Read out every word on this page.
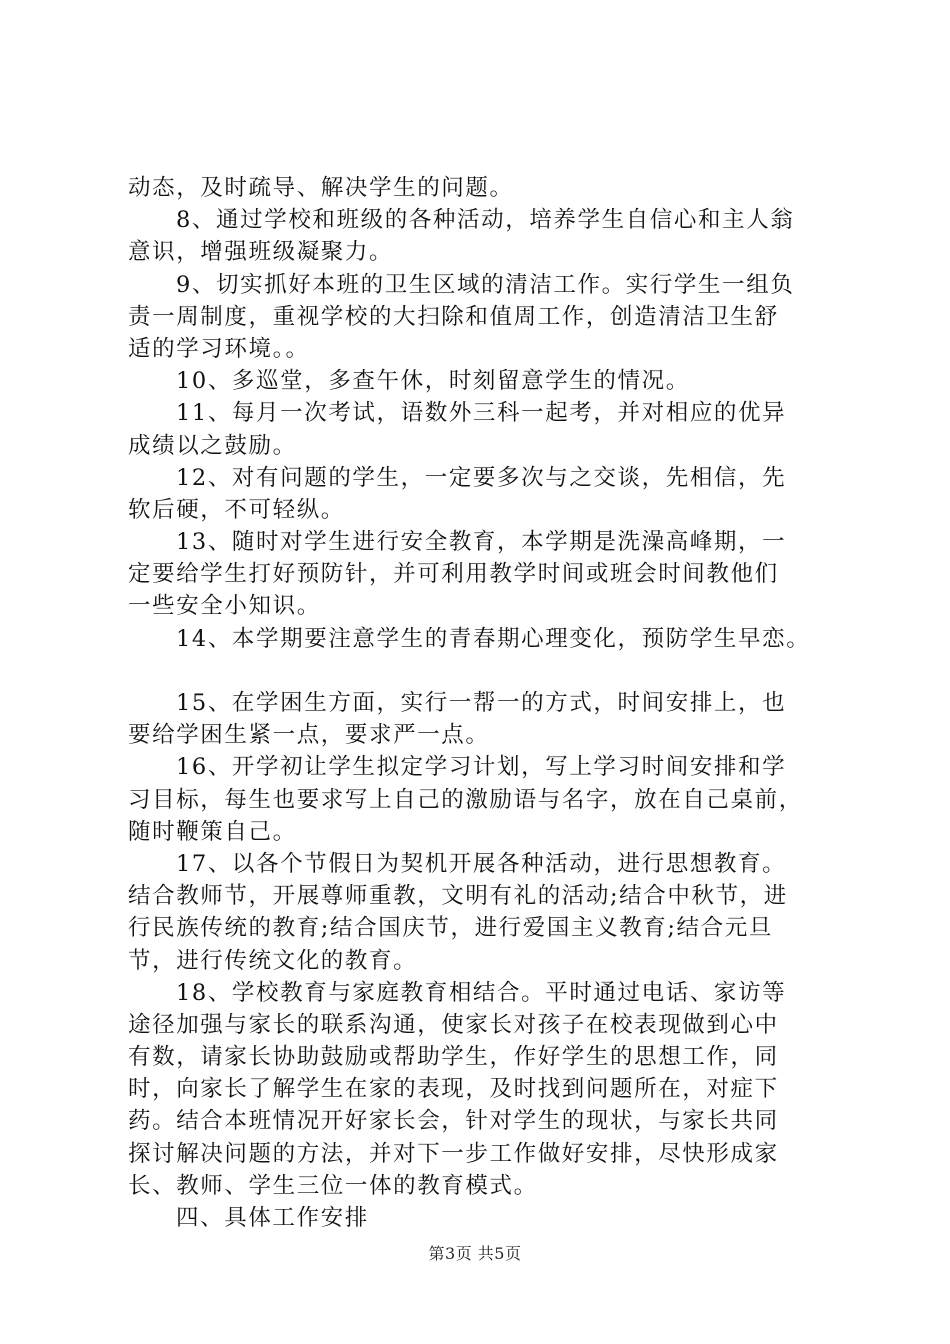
动态，及时疏导、解决学生的问题。
8、通过学校和班级的各种活动，培养学生自信心和主人翁
意识，增强班级凝聚力。
9、切实抓好本班的卫生区域的清洁工作。实行学生一组负
责一周制度，重视学校的大扫除和值周工作，创造清洁卫生舒
适的学习环境。。
10、多巡堂，多查午休，时刻留意学生的情况。
11、每月一次考试，语数外三科一起考，并对相应的优异
成绩以之鼓励。
12、对有问题的学生，一定要多次与之交谈，先相信，先
软后硬，不可轻纵。
13、随时对学生进行安全教育，本学期是洗澡高峰期，一
定要给学生打好预防针，并可利用教学时间或班会时间教他们
一些安全小知识。
14、本学期要注意学生的青春期心理变化，预防学生早恋。
15、在学困生方面，实行一帮一的方式，时间安排上，也
要给学困生紧一点，要求严一点。
16、开学初让学生拟定学习计划，写上学习时间安排和学
习目标，每生也要求写上自己的激励语与名字，放在自己桌前，
随时鞭策自己。
17、以各个节假日为契机开展各种活动，进行思想教育。
结合教师节，开展尊师重教，文明有礼的活动;结合中秋节，进
行民族传统的教育;结合国庆节，进行爱国主义教育;结合元旦
节，进行传统文化的教育。
18、学校教育与家庭教育相结合。平时通过电话、家访等
途径加强与家长的联系沟通，使家长对孩子在校表现做到心中
有数，请家长协助鼓励或帮助学生，作好学生的思想工作，同
时，向家长了解学生在家的表现，及时找到问题所在，对症下
药。结合本班情况开好家长会，针对学生的现状，与家长共同
探讨解决问题的方法，并对下一步工作做好安排，尽快形成家
长、教师、学生三位一体的教育模式。
四、具体工作安排
第3页 共5页
